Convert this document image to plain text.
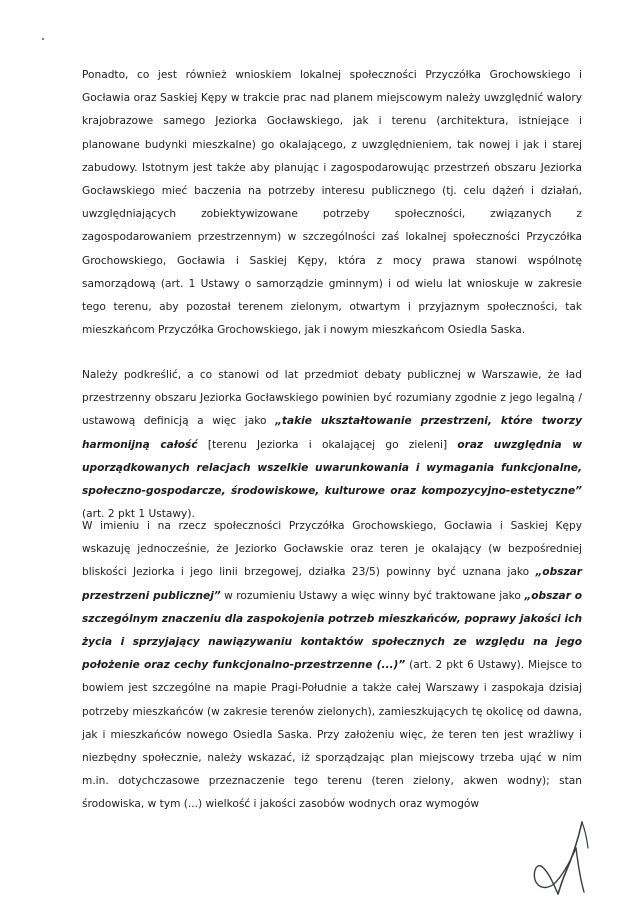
Ponadto, co jest również wnioskiem lokalnej społeczności Przyczółka Grochowskiego i Gocławia oraz Saskiej Kępy w trakcie prac nad planem miejscowym należy uwzględnić walory krajobrazowe samego Jeziorka Gocławskiego, jak i terenu (architektura, istniejące i planowane budynki mieszkalne) go okalającego, z uwzględnieniem, tak nowej i jak i starej zabudowy. Istotnym jest także aby planując i zagospodarowując przestrzeń obszaru Jeziorka Gocławskiego mieć baczenia na potrzeby interesu publicznego (tj. celu dążeń i działań, uwzględniających zobiektywizowane potrzeby społeczności, związanych z zagospodarowaniem przestrzennym) w szczególności zaś lokalnej społeczności Przyczółka Grochowskiego, Gocławia i Saskiej Kępy, która z mocy prawa stanowi wspólnotę samorządową (art. 1 Ustawy o samorządzie gminnym) i od wielu lat wnioskuje w zakresie tego terenu, aby pozostał terenem zielonym, otwartym i przyjaznym społeczności, tak mieszkańcom Przyczółka Grochowskiego, jak i nowym mieszkańcom Osiedla Saska.

Należy podkreślić, a co stanowi od lat przedmiot debaty publicznej w Warszawie, że ład przestrzenny obszaru Jeziorka Gocławskiego powinien być rozumiany zgodnie z jego legalną / ustawową definicją a więc jako „takie ukształtowanie przestrzeni, które tworzy harmonijną całość [terenu Jeziorka i okalającej go zieleni] oraz uwzględnia w uporządkowanych relacjach wszelkie uwarunkowania i wymagania funkcjonalne, społeczno-gospodarcze, środowiskowe, kulturowe oraz kompozycyjno-estetyczne” (art. 2 pkt 1 Ustawy).

W imieniu i na rzecz społeczności Przyczółka Grochowskiego, Gocławia i Saskiej Kępy wskazuję jednocześnie, że Jeziorko Gocławskie oraz teren je okalający (w bezpośredniej bliskości Jeziorka i jego linii brzegowej, działka 23/5) powinny być uznana jako „obszar przestrzeni publicznej” w rozumieniu Ustawy a więc winny być traktowane jako „obszar o szczególnym znaczeniu dla zaspokojenia potrzeb mieszkańców, poprawy jakości ich życia i sprzyjający nawiązywaniu kontaktów społecznych ze względu na jego położenie oraz cechy funkcjonalno-przestrzenne (...)” (art. 2 pkt 6 Ustawy). Miejsce to bowiem jest szczególne na mapie Pragi-Południe a także całej Warszawy i zaspokaja dzisiaj potrzeby mieszkańców (w zakresie terenów zielonych), zamieszkujących tę okolicę od dawna, jak i mieszkańców nowego Osiedla Saska. Przy założeniu więc, że teren ten jest wrażliwy i niezbędny społecznie, należy wskazać, iż sporządzając plan miejscowy trzeba ująć w nim m.in. dotychczasowe przeznaczenie tego terenu (teren zielony, akwen wodny); stan środowiska, w tym (...) wielkość i jakości zasobów wodnych oraz wymogów
